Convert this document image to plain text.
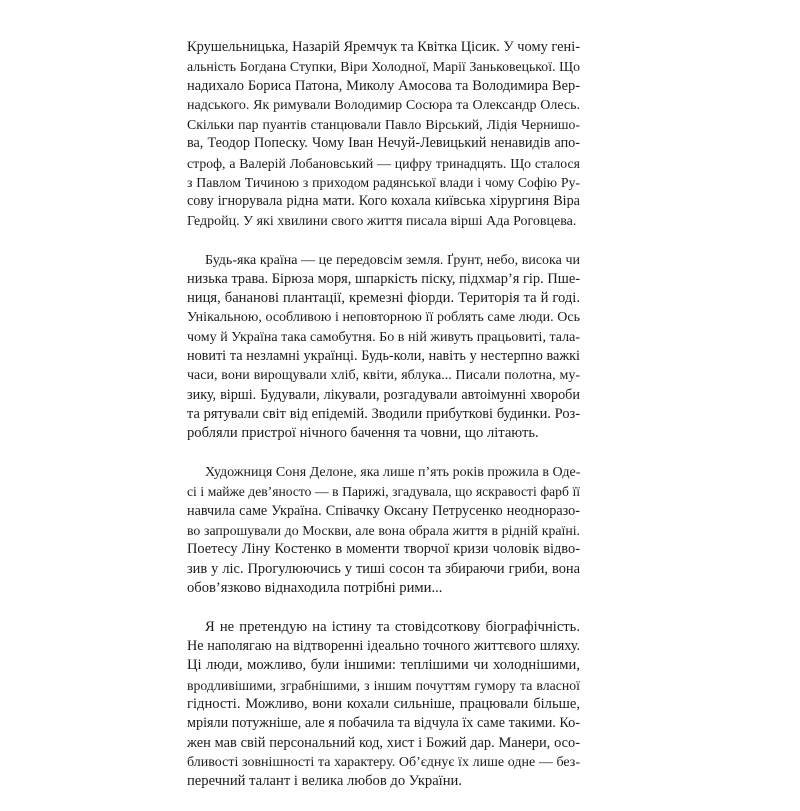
Крушельницька, Назарій Яремчук та Квітка Цісик. У чому гені-
альність Богдана Ступки, Віри Холодної, Марії Заньковецької. Що
надихало Бориса Патона, Миколу Амосова та Володимира Вер-
надського. Як римували Володимир Сосюра та Олександр Олесь.
Скільки пар пуантів станцювали Павло Вірський, Лідія Чернишо-
ва, Теодор Попеску. Чому Іван Нечуй-Левицький ненавидів апо-
строф, а Валерій Лобановський — цифру тринадцять. Що сталося
з Павлом Тичиною з приходом радянської влади і чому Софію Ру-
сову ігнорувала рідна мати. Кого кохала київська хірургиня Віра
Гедройц. У які хвилини свого життя писала вірші Ада Роговцева.

Будь-яка країна — це передовсім земля. Ґрунт, небо, висока чи
низька трава. Бірюза моря, шпаркість піску, підхмар’я гір. Пше-
ниця, бананові плантації, кремезні фіорди. Територія та й годі.
Унікальною, особливою і неповторною її роблять саме люди. Ось
чому й Україна така самобутня. Бо в ній живуть працьовиті, тала-
новиті та незламні українці. Будь-коли, навіть у нестерпно важкі
часи, вони вирощували хліб, квіти, яблука... Писали полотна, му-
зику, вірші. Будували, лікували, розгадували автоімунні хвороби
та рятували світ від епідемій. Зводили прибуткові будинки. Роз-
робляли пристрої нічного бачення та човни, що літають.

Художниця Соня Делоне, яка лише п’ять років прожила в Оде-
сі і майже дев’яносто — в Парижі, згадувала, що яскравості фарб її
навчила саме Україна. Співачку Оксану Петрусенко неодноразо-
во запрошували до Москви, але вона обрала життя в рідній країні.
Поетесу Ліну Костенко в моменти творчої кризи чоловік відво-
зив у ліс. Прогулюючись у тиші сосон та збираючи гриби, вона
обов’язково віднаходила потрібні рими...

Я не претендую на істину та стовідсоткову біографічність.
Не наполягаю на відтворенні ідеально точного життєвого шляху.
Ці люди, можливо, були іншими: теплішими чи холоднішими,
вродливішими, зграбнішими, з іншим почуттям гумору та власної
гідності. Можливо, вони кохали сильніше, працювали більше,
мріяли потужніше, але я побачила та відчула їх саме такими. Ко-
жен мав свій персональний код, хист і Божий дар. Манери, осо-
бливості зовнішності та характеру. Об’єднує їх лише одне — без-
перечний талант і велика любов до України.
